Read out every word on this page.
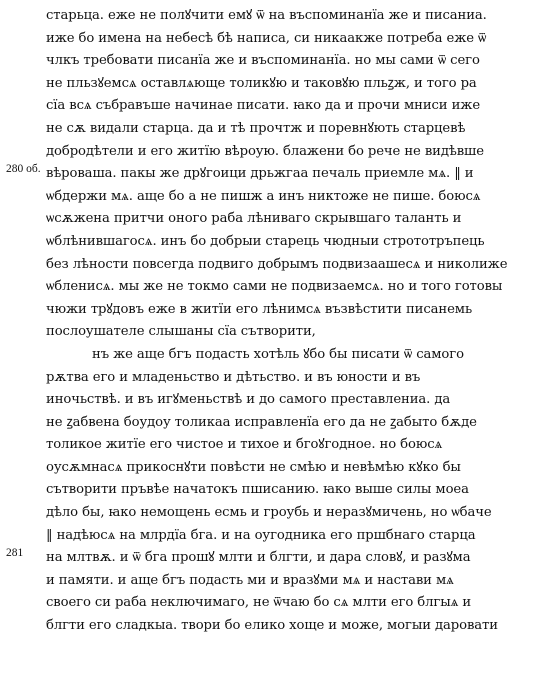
280 об.
281
старьца. еже не полꙋчити емꙋ ѿ на въспоминанїа же и писаниа.
иже бо имена на небесѣ бѣ написа, си никаакже потреба еже ѿ
члкъ требовати писанїа же и въспоминанїа. но мы сами ѿ сего
не пльзꙋемсѧ оставлѧюще толикꙋю и таковꙋю пльꙁж, и того ра
сїа всѧ събравъше начинае писати. ꙗко да и прочи мниси иже
не сѫ видали старца. да и тѣ прочтж и поревнꙋють старцевѣ
добродѣтели и его житїю вѣроую. блажени бо рече не видѣвше
вѣроваша. пакы же дрꙋгоици дрьжгаа печаль приемле мѧ. ‖ и
ѡбдержи мѧ. аще бо а не пишж а инъ никтоже не пише. боюсѧ
ѡсѫжена притчи оного раба лѣниваго скрывшаго таланть и
ѡблѣнившагосѧ. инъ бо добрыи старець чюдныи стрототръпець
без лѣности повсегда подвиго добрымъ подвизаашесѧ и николиже
ѡбленисѧ. мы же не токмо сами не подвизаемсѧ. но и того готовы
чюжи трꙋдовъ еже в житїи его лѣнимсѧ възвѣстити писанемь
послоушателе слышаны сїа сътворити,
нъ же аще бгъ подасть хотѣль ꙋбо бы писати ѿ самого
рѫтва его и младеньство и дѣтьство. и въ юности и въ
иночьствѣ. и въ игꙋменьствѣ и до самого преставлениа. да
не ꙁабвена боудоу толикаа исправленїа его да не ꙁабыто бѫде
толикое житїе его чистое и тихое и бгоꙋгодное. но боюсѧ
оусѫмнасѧ прикоснꙋти повѣсти не смѣю и невѣмѣю кꙋко бы
сътворити пръвѣе начатокъ пшисанию. ꙗко выше силы моеа
дѣло бы, ꙗко немощень есмь и гроубь и неразꙋмичень, но ѡбаче
‖ надѣюсѧ на млрдїа бга. и на оугодника его пршбнаго старца
на млтвѫ. и ѿ бга прошꙋ млти и блгти, и дара словꙋ, и разꙋма
и памяти. и аще бгъ подасть ми и вразꙋми мѧ и настави мѧ
своего си раба неключимаго, не ѿчаю бо сѧ млти его блгыѧ и
блгти его сладкыа. твори бо елико хоще и може, могыи даровати
